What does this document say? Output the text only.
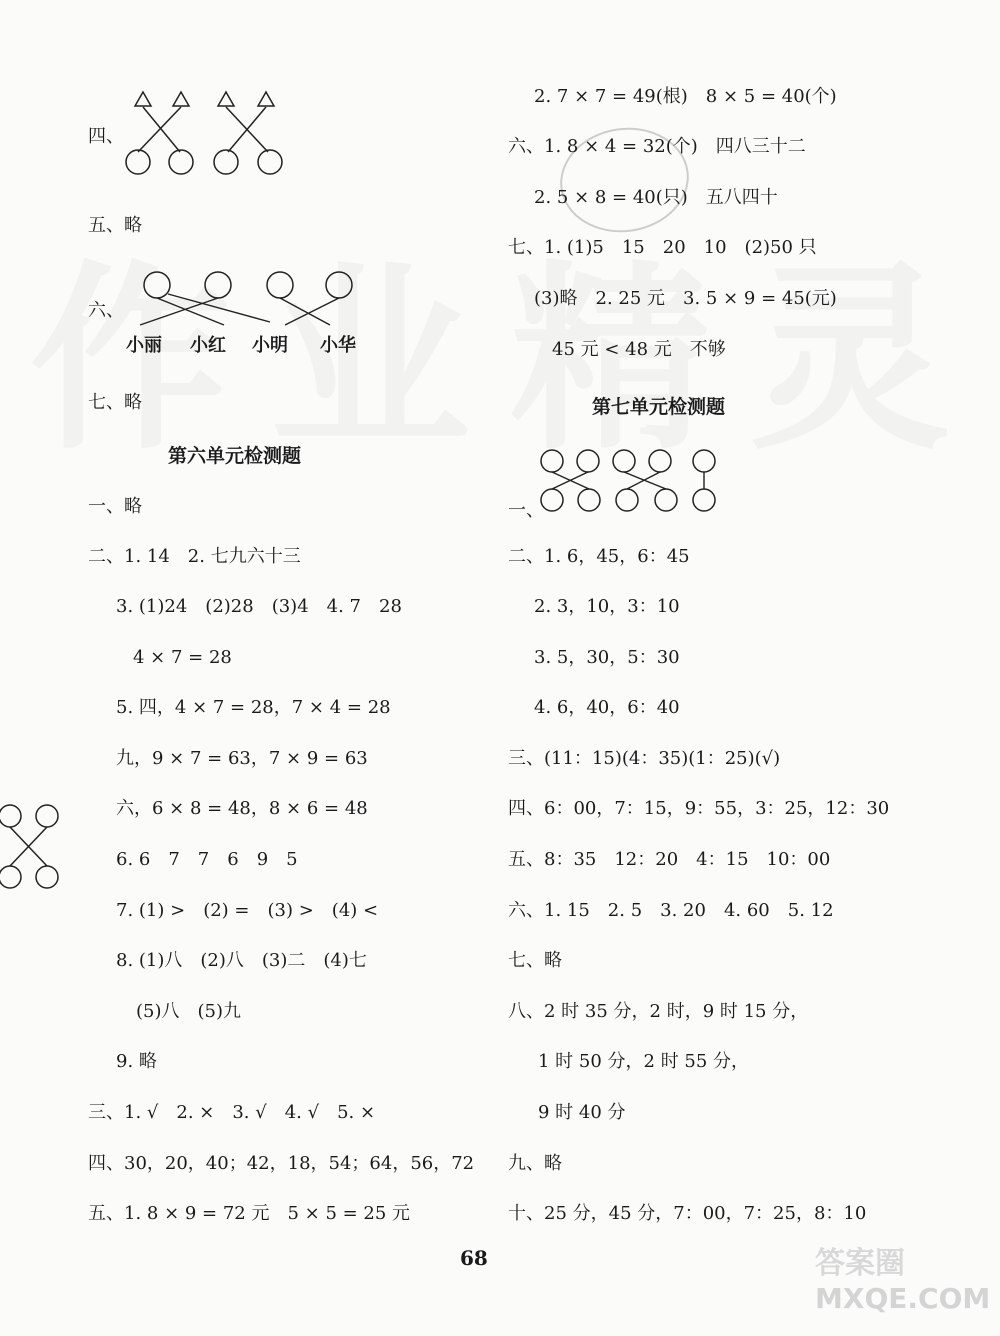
四、
五、略
六、
小丽 小红 小明 小华
七、略
第六单元检测题
一、略
二、1. 14　2. 七九六十三
3. (1)24　(2)28　(3)4　4. 7　28
4 × 7 = 28
5. 四，4 × 7 = 28，7 × 4 = 28
九，9 × 7 = 63，7 × 9 = 63
六，6 × 8 = 48，8 × 6 = 48
6. 6　7　7　6　9　5
7. (1) >　(2) =　(3) >　(4) <
8. (1)八　(2)八　(3)二　(4)七
(5)八　(5)九
9. 略
三、1. √　2. ×　3. √　4. √　5. ×
四、30，20，40；42，18，54；64，56，72
五、1. 8 × 9 = 72 元　5 × 5 = 25 元
2. 7 × 7 = 49(根)　8 × 5 = 40(个)
六、1. 8 × 4 = 32(个)　四八三十二
2. 5 × 8 = 40(只)　五八四十
七、1. (1)5　15　20　10　(2)50 只
(3)略　2. 25 元　3. 5 × 9 = 45(元)
45 元 < 48 元　不够
第七单元检测题
一、
二、1. 6，45，6：45
2. 3，10，3：10
3. 5，30，5：30
4. 6，40，6：40
三、(11：15)(4：35)(1：25)(√)
四、6：00，7：15，9：55，3：25，12：30
五、8：35　12：20　4：15　10：00
六、1. 15　2. 5　3. 20　4. 60　5. 12
七、略
八、2 时 35 分，2 时，9 时 15 分，
1 时 50 分，2 时 55 分，
9 时 40 分
九、略
十、25 分，45 分，7：00，7：25，8：10
68	答案圈
MXQE.COM
